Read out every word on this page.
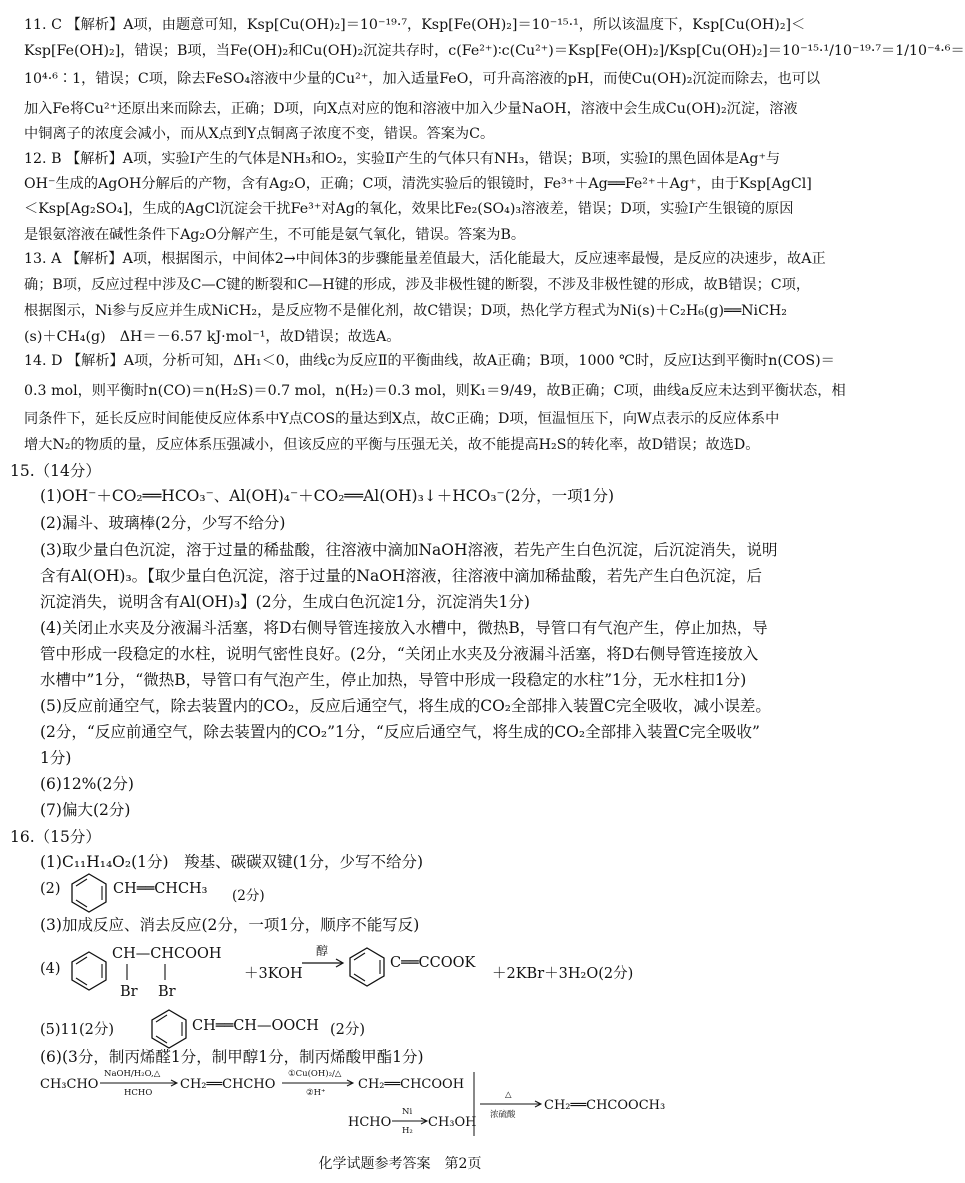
11. C 【解析】A项，由题意可知，Ksp[Cu(OH)₂]＝10⁻¹⁹·⁷，Ksp[Fe(OH)₂]＝10⁻¹⁵·¹，所以该温度下，Ksp[Cu(OH)₂]＜
Ksp[Fe(OH)₂]，错误；B项，当Fe(OH)₂和Cu(OH)₂沉淀共存时，c(Fe²⁺)∶c(Cu²⁺)＝Ksp[Fe(OH)₂]/Ksp[Cu(OH)₂]＝10⁻¹⁵·¹/10⁻¹⁹·⁷＝1/10⁻⁴·⁶＝
10⁴·⁶∶1，错误；C项，除去FeSO₄溶液中少量的Cu²⁺，加入适量FeO，可升高溶液的pH，而使Cu(OH)₂沉淀而除去，也可以
加入Fe将Cu²⁺还原出来而除去，正确；D项，向X点对应的饱和溶液中加入少量NaOH，溶液中会生成Cu(OH)₂沉淀，溶液
中铜离子的浓度会减小，而从X点到Y点铜离子浓度不变，错误。答案为C。
12. B 【解析】A项，实验Ⅰ产生的气体是NH₃和O₂，实验Ⅱ产生的气体只有NH₃，错误；B项，实验Ⅰ的黑色固体是Ag⁺与
OH⁻生成的AgOH分解后的产物，含有Ag₂O，正确；C项，清洗实验后的银镜时，Fe³⁺＋Ag══Fe²⁺＋Ag⁺，由于Ksp[AgCl]
＜Ksp[Ag₂SO₄]，生成的AgCl沉淀会干扰Fe³⁺对Ag的氧化，效果比Fe₂(SO₄)₃溶液差，错误；D项，实验Ⅰ产生银镜的原因
是银氨溶液在碱性条件下Ag₂O分解产生，不可能是氨气氧化，错误。答案为B。
13. A 【解析】A项，根据图示，中间体2→中间体3的步骤能量差值最大，活化能最大，反应速率最慢，是反应的决速步，故A正
确；B项，反应过程中涉及C—C键的断裂和C—H键的形成，涉及非极性键的断裂，不涉及非极性键的形成，故B错误；C项，
根据图示，Ni参与反应并生成NiCH₂，是反应物不是催化剂，故C错误；D项，热化学方程式为Ni(s)＋C₂H₆(g)══NiCH₂
(s)＋CH₄(g)　ΔH＝－6.57 kJ·mol⁻¹，故D错误；故选A。
14. D 【解析】A项，分析可知，ΔH₁＜0，曲线c为反应Ⅱ的平衡曲线，故A正确；B项，1000 ℃时，反应Ⅰ达到平衡时n(COS)＝
0.3 mol，则平衡时n(CO)＝n(H₂S)＝0.7 mol，n(H₂)＝0.3 mol，则K₁＝9/49，故B正确；C项，曲线a反应未达到平衡状态，相
同条件下，延长反应时间能使反应体系中Y点COS的量达到X点，故C正确；D项，恒温恒压下，向W点表示的反应体系中
增大N₂的物质的量，反应体系压强减小，但该反应的平衡与压强无关，故不能提高H₂S的转化率，故D错误；故选D。
15.（14分）
(1)OH⁻＋CO₂══HCO₃⁻、Al(OH)₄⁻＋CO₂══Al(OH)₃↓＋HCO₃⁻(2分，一项1分)
(2)漏斗、玻璃棒(2分，少写不给分)
(3)取少量白色沉淀，溶于过量的稀盐酸，往溶液中滴加NaOH溶液，若先产生白色沉淀，后沉淀消失，说明
含有Al(OH)₃。【取少量白色沉淀，溶于过量的NaOH溶液，往溶液中滴加稀盐酸，若先产生白色沉淀，后
沉淀消失，说明含有Al(OH)₃】(2分，生成白色沉淀1分，沉淀消失1分)
(4)关闭止水夹及分液漏斗活塞，将D右侧导管连接放入水槽中，微热B，导管口有气泡产生，停止加热，导
管中形成一段稳定的水柱，说明气密性良好。(2分，“关闭止水夹及分液漏斗活塞，将D右侧导管连接放入
水槽中”1分，“微热B，导管口有气泡产生，停止加热，导管中形成一段稳定的水柱”1分，无水柱扣1分)
(5)反应前通空气，除去装置内的CO₂，反应后通空气，将生成的CO₂全部排入装置C完全吸收，减小误差。
(2分，“反应前通空气，除去装置内的CO₂”1分，“反应后通空气，将生成的CO₂全部排入装置C完全吸收”
1分)
(6)12%(2分)
(7)偏大(2分)
16.（15分）
(1)C₁₁H₁₄O₂(1分)　羧基、碳碳双键(1分，少写不给分)
(2)	CH══CHCH₃ (2分)
(3)加成反应、消去反应(2分，一项1分，顺序不能写反)
(4)
CH—CHCOOH
Br Br
＋3KOH
醇
C══CCOOK
＋2KBr＋3H₂O(2分)
(5)11(2分)	CH══CH—OOCH (2分)
(6)(3分，制丙烯醛1分，制甲醇1分，制丙烯酸甲酯1分)
CH₃CHO
NaOH/H₂O,△
HCHO
CH₂══CHCHO
①Cu(OH)₂/△
②H⁺
CH₂══CHCOOH
HCHO
Ni
H₂
CH₃OH
△
浓硫酸
CH₂══CHCOOCH₃
化学试题参考答案　第2页
